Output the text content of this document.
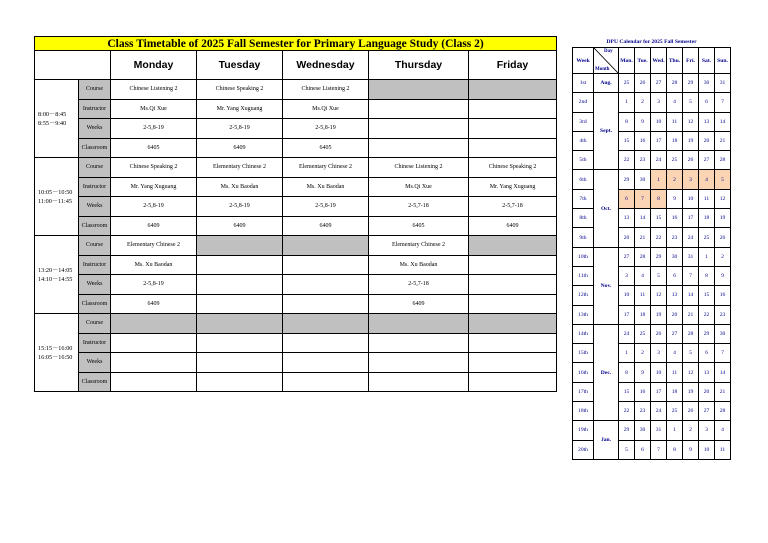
Class Timetable of 2025 Fall Semester for Primary Language Study (Class 2)						
		Monday	Tuesday	Wednesday	Thursday	Friday

8:00－8:45
8:55－9:40	Course	Chinese Listening 2	Chinese Speaking 2	Chinese Listening 2		
	Instructor	Ms.Qi Xue	Mr. Yang Xuguang	Ms.Qi Xue		
	Weeks	2-5,8-19	2-5,8-19	2-5,8-19		
	Classroom	6405	6409	6405		

10:05－10:50
11:00－11:45	Course	Chinese Speaking 2	Elementary Chinese 2	Elementary Chinese 2	Chinese Listening 2	Chinese Speaking 2
	Instructor	Mr. Yang Xuguang	Ms. Xu Baodan	Ms. Xu Baodan	Ms.Qi Xue	Mr. Yang Xuguang
	Weeks	2-5,8-19	2-5,8-19	2-5,8-19	2-5,7-18	2-5,7-18
	Classroom	6409	6409	6409	6405	6409

13:20－14:05
14:10－14:55	Course	Elementary Chinese 2			Elementary Chinese 2	
	Instructor	Ms. Xu Baodan			Ms. Xu Baodan	
	Weeks	2-5,8-19			2-5,7-18	
	Classroom	6409			6409	

15:15－16:00
16:05－16:50	Course					
	Instructor					
	Weeks					
	Classroom					
DPU Calendar for 2025 Fall Semester								
Week	Day
Month	Mon.	Tue.	Wed.	Thu.	Fri.	Sat.	Sun.
1st	Aug.	25	26	27	28	29	30	31
2nd	Sept.	1	2	3	4	5	6	7
3rd		8	9	10	11	12	13	14
4th		15	16	17	18	19	20	21
5th		22	23	24	25	26	27	28
6th	Oct.	29	30	1	2	3	4	5
7th		6	7	8	9	10	11	12
8th		13	14	15	16	17	18	19
9th		20	21	22	23	24	25	26
10th	Nov.	27	28	29	30	31	1	2
11th		3	4	5	6	7	8	9
12th		10	11	12	13	14	15	16
13th		17	18	19	20	21	22	23
14th	Dec.	24	25	26	27	28	29	30
15th		1	2	3	4	5	6	7
16th		8	9	10	11	12	13	14
17th		15	16	17	18	19	20	21
18th		22	23	24	25	26	27	28
19th	Jan.	29	30	31	1	2	3	4
20th		5	6	7	8	9	10	11
